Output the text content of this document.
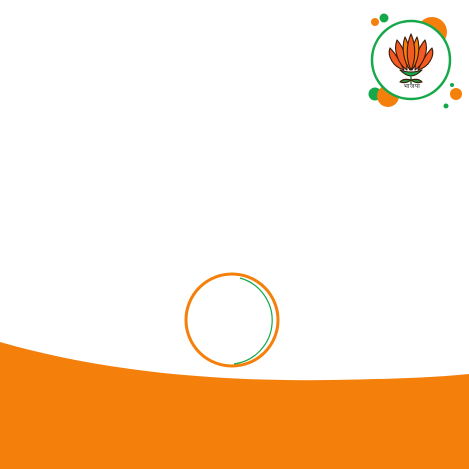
भाजपा
